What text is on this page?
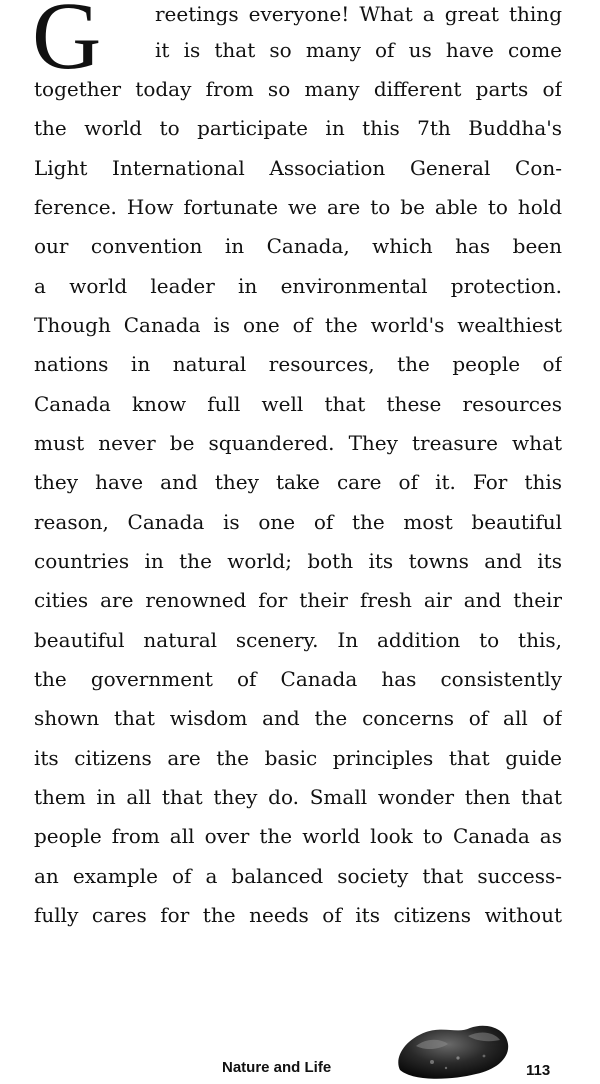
G	reetings everyone! What a great thing
it is that so many of us have come
together today from so many different parts of
the world to participate in this 7th Buddha's
Light International Association General Con-
ference. How fortunate we are to be able to hold
our convention in Canada, which has been
a world leader in environmental protection.
Though Canada is one of the world's wealthiest
nations in natural resources, the people of
Canada know full well that these resources
must never be squandered. They treasure what
they have and they take care of it. For this
reason, Canada is one of the most beautiful
countries in the world; both its towns and its
cities are renowned for their fresh air and their
beautiful natural scenery. In addition to this,
the government of Canada has consistently
shown that wisdom and the concerns of all of
its citizens are the basic principles that guide
them in all that they do. Small wonder then that
people from all over the world look to Canada as
an example of a balanced society that success-
fully cares for the needs of its citizens without
Nature and Life	113
